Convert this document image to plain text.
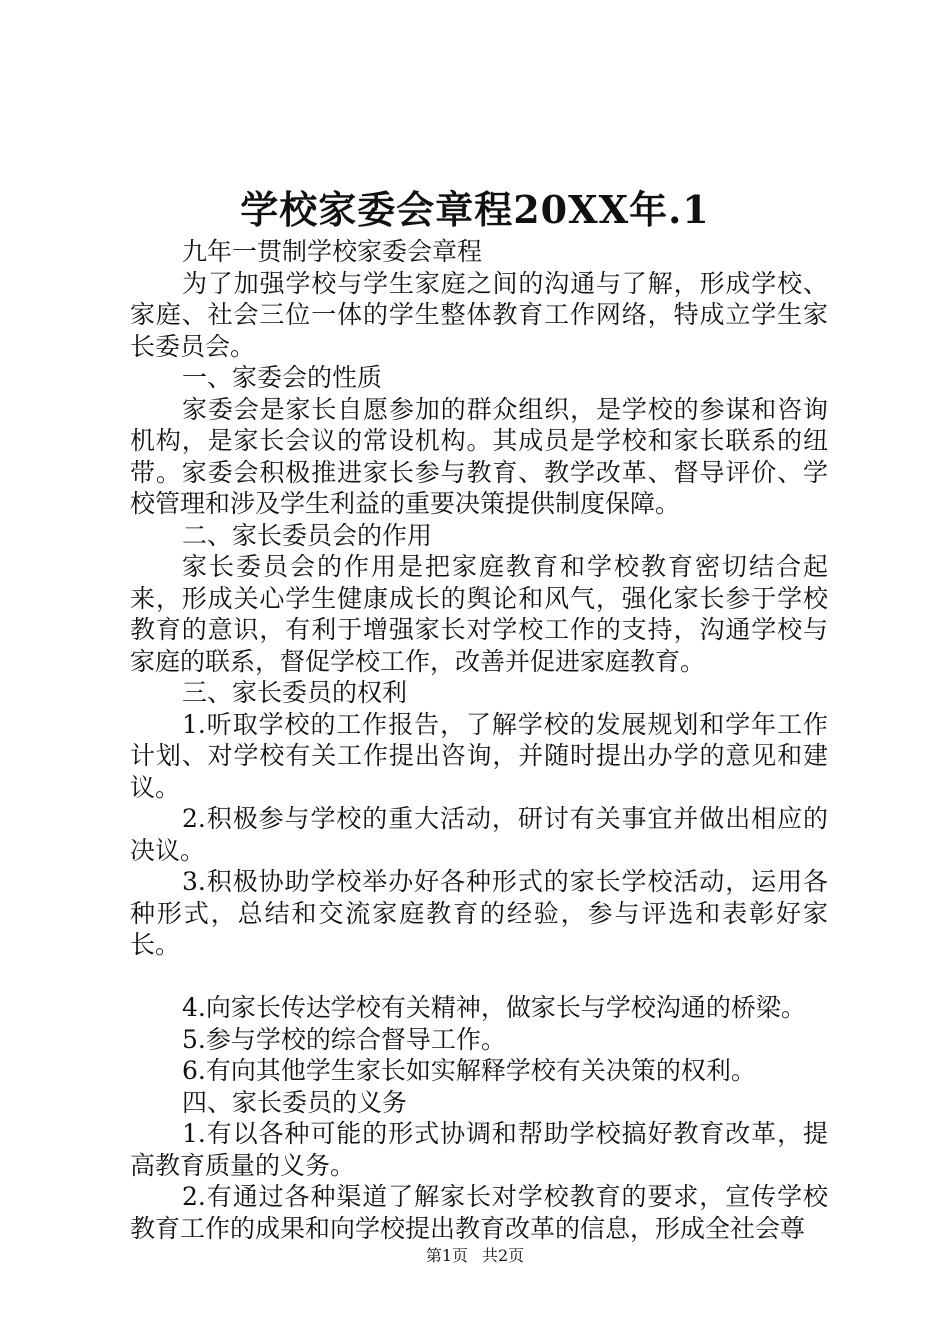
学校家委会章程20XX年.1

九年一贯制学校家委会章程

为了加强学校与学生家庭之间的沟通与了解，形成学校、家庭、社会三位一体的学生整体教育工作网络，特成立学生家长委员会。

一、家委会的性质

家委会是家长自愿参加的群众组织，是学校的参谋和咨询机构，是家长会议的常设机构。其成员是学校和家长联系的纽带。家委会积极推进家长参与教育、教学改革、督导评价、学校管理和涉及学生利益的重要决策提供制度保障。

二、家长委员会的作用

家长委员会的作用是把家庭教育和学校教育密切结合起来，形成关心学生健康成长的舆论和风气，强化家长参于学校教育的意识，有利于增强家长对学校工作的支持，沟通学校与家庭的联系，督促学校工作，改善并促进家庭教育。

三、家长委员的权利

1.听取学校的工作报告，了解学校的发展规划和学年工作计划、对学校有关工作提出咨询，并随时提出办学的意见和建议。

2.积极参与学校的重大活动，研讨有关事宜并做出相应的决议。

3.积极协助学校举办好各种形式的家长学校活动，运用各种形式，总结和交流家庭教育的经验，参与评选和表彰好家长。

4.向家长传达学校有关精神，做家长与学校沟通的桥梁。

5.参与学校的综合督导工作。

6.有向其他学生家长如实解释学校有关决策的权利。

四、家长委员的义务

1.有以各种可能的形式协调和帮助学校搞好教育改革，提高教育质量的义务。

2.有通过各种渠道了解家长对学校教育的要求，宣传学校教育工作的成果和向学校提出教育改革的信息，形成全社会尊

第1页 共2页
